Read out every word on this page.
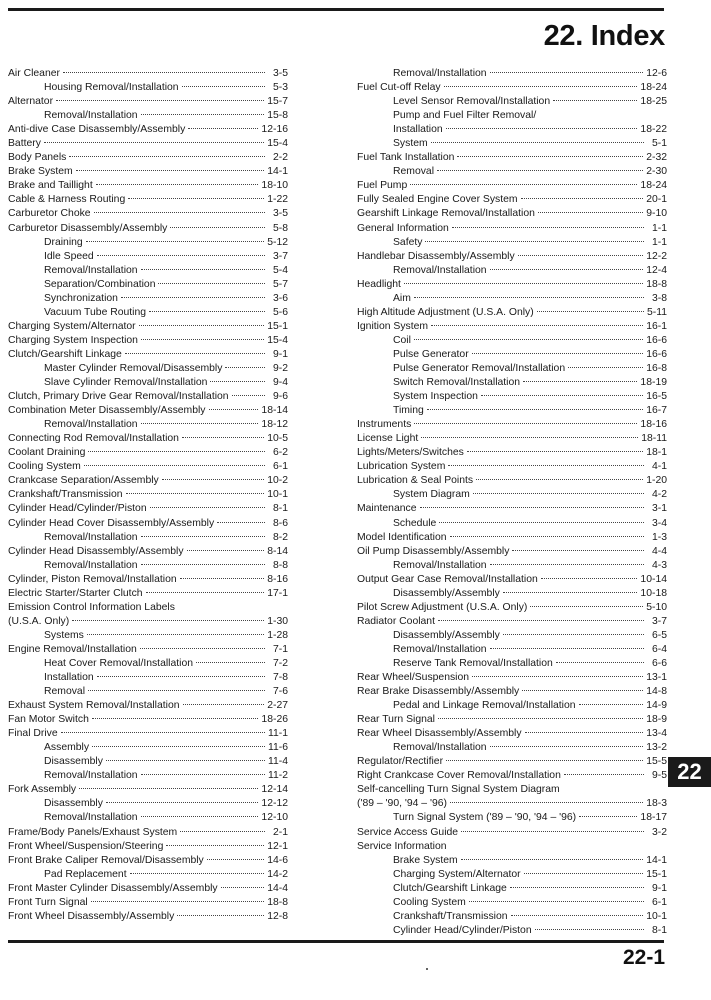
22. Index
Air Cleaner	3-5
Housing Removal/Installation	5-3
Alternator	15-7
Removal/Installation	15-8
Anti-dive Case Disassembly/Assembly	12-16
Battery	15-4
Body Panels	2-2
Brake System	14-1
Brake and Taillight	18-10
Cable & Harness Routing	1-22
Carburetor Choke	3-5
Carburetor Disassembly/Assembly	5-8
Draining	5-12
Idle Speed	3-7
Removal/Installation	5-4
Separation/Combination	5-7
Synchronization	3-6
Vacuum Tube Routing	5-6
Charging System/Alternator	15-1
Charging System Inspection	15-4
Clutch/Gearshift Linkage	9-1
Master Cylinder Removal/Disassembly	9-2
Slave Cylinder Removal/Installation	9-4
Clutch, Primary Drive Gear Removal/Installation	9-6
Combination Meter Disassembly/Assembly	18-14
Removal/Installation	18-12
Connecting Rod Removal/Installation	10-5
Coolant Draining	6-2
Cooling System	6-1
Crankcase Separation/Assembly	10-2
Crankshaft/Transmission	10-1
Cylinder Head/Cylinder/Piston	8-1
Cylinder Head Cover Disassembly/Assembly	8-6
Removal/Installation	8-2
Cylinder Head Disassembly/Assembly	8-14
Removal/Installation	8-8
Cylinder, Piston Removal/Installation	8-16
Electric Starter/Starter Clutch	17-1
Emission Control Information Labels
(U.S.A. Only)	1-30
Systems	1-28
Engine Removal/Installation	7-1
Heat Cover Removal/Installation	7-2
Installation	7-8
Removal	7-6
Exhaust System Removal/Installation	2-27
Fan Motor Switch	18-26
Final Drive	11-1
Assembly	11-6
Disassembly	11-4
Removal/Installation	11-2
Fork Assembly	12-14
Disassembly	12-12
Removal/Installation	12-10
Frame/Body Panels/Exhaust System	2-1
Front Wheel/Suspension/Steering	12-1
Front Brake Caliper Removal/Disassembly	14-6
Pad Replacement	14-2
Front Master Cylinder Disassembly/Assembly	14-4
Front Turn Signal	18-8
Front Wheel Disassembly/Assembly	12-8
Removal/Installation	12-6
Fuel Cut-off Relay	18-24
Level Sensor Removal/Installation	18-25
Pump and Fuel Filter Removal/
Installation	18-22
System	5-1
Fuel Tank Installation	2-32
Removal	2-30
Fuel Pump	18-24
Fully Sealed Engine Cover System	20-1
Gearshift Linkage Removal/Installation	9-10
General Information	1-1
Safety	1-1
Handlebar Disassembly/Assembly	12-2
Removal/Installation	12-4
Headlight	18-8
Aim	3-8
High Altitude Adjustment (U.S.A. Only)	5-11
Ignition System	16-1
Coil	16-6
Pulse Generator	16-6
Pulse Generator Removal/Installation	16-8
Switch Removal/Installation	18-19
System Inspection	16-5
Timing	16-7
Instruments	18-16
License Light	18-11
Lights/Meters/Switches	18-1
Lubrication System	4-1
Lubrication & Seal Points	1-20
System Diagram	4-2
Maintenance	3-1
Schedule	3-4
Model Identification	1-3
Oil Pump Disassembly/Assembly	4-4
Removal/Installation	4-3
Output Gear Case Removal/Installation	10-14
Disassembly/Assembly	10-18
Pilot Screw Adjustment (U.S.A. Only)	5-10
Radiator Coolant	3-7
Disassembly/Assembly	6-5
Removal/Installation	6-4
Reserve Tank Removal/Installation	6-6
Rear Wheel/Suspension	13-1
Rear Brake Disassembly/Assembly	14-8
Pedal and Linkage Removal/Installation	14-9
Rear Turn Signal	18-9
Rear Wheel Disassembly/Assembly	13-4
Removal/Installation	13-2
Regulator/Rectifier	15-5
Right Crankcase Cover Removal/Installation	9-5
Self-cancelling Turn Signal System Diagram
('89 – '90, '94 – '96)	18-3
Turn Signal System ('89 – '90, '94 – '96)	18-17
Service Access Guide	3-2
Service Information
Brake System	14-1
Charging System/Alternator	15-1
Clutch/Gearshift Linkage	9-1
Cooling System	6-1
Crankshaft/Transmission	10-1
Cylinder Head/Cylinder/Piston	8-1
22
22-1
